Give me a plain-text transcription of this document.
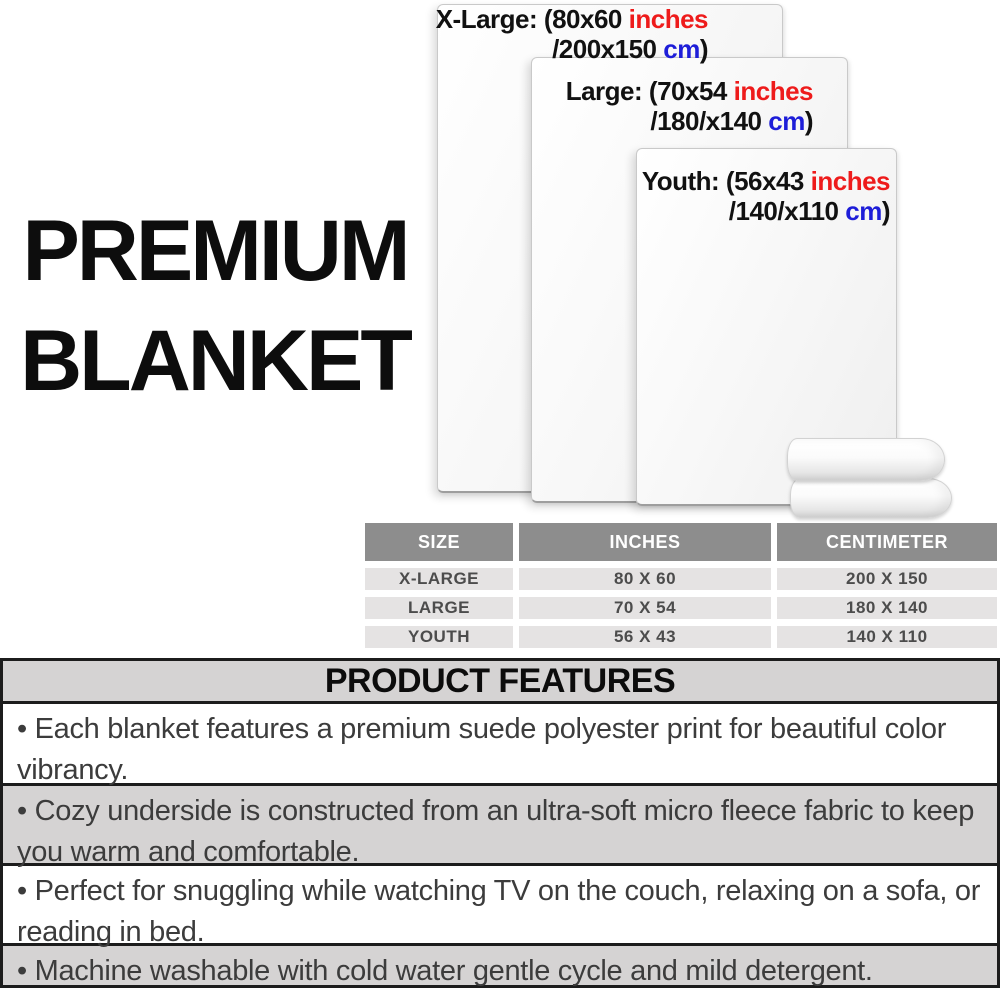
PREMIUM
BLANKET
X-Large: (80x60 inches
/200x150 cm)
Large: (70x54 inches
/180/x140 cm)
Youth: (56x43 inches
/140/x110 cm)
SIZE	INCHES	CENTIMETER
X-LARGE	80 X 60	200 X 150
LARGE	70 X 54	180 X 140
YOUTH	56 X 43	140 X 110
PRODUCT FEATURES
• Each blanket features a premium suede polyester print for beautiful color vibrancy.
• Cozy underside is constructed from an ultra-soft micro fleece fabric to keep you warm and comfortable.
• Perfect for snuggling while watching TV on the couch, relaxing on a sofa, or reading in bed.
• Machine washable with cold water gentle cycle and mild detergent.
